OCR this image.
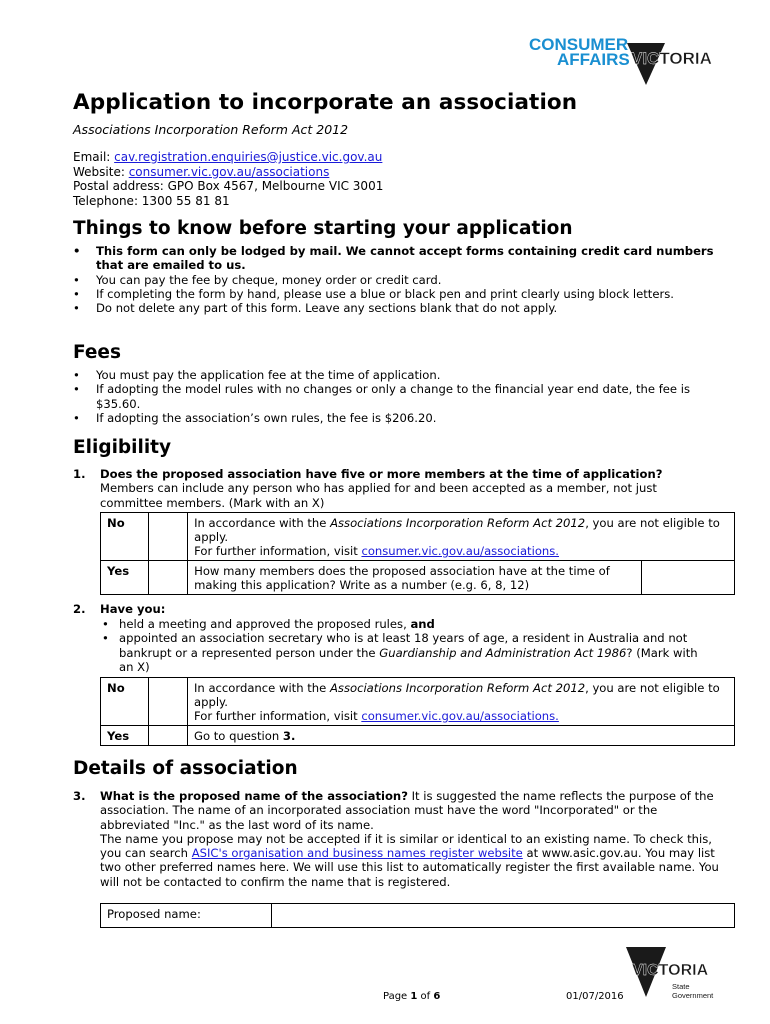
CONSUMER
AFFAIRS VICTORIA
Application to incorporate an association
Associations Incorporation Reform Act 2012
Email: cav.registration.enquiries@justice.vic.gov.au
Website: consumer.vic.gov.au/associations
Postal address: GPO Box 4567, Melbourne VIC 3001
Telephone: 1300 55 81 81
Things to know before starting your application
• This form can only be lodged by mail. We cannot accept forms containing credit card numbers that are emailed to us.
• You can pay the fee by cheque, money order or credit card.
• If completing the form by hand, please use a blue or black pen and print clearly using block letters.
• Do not delete any part of this form. Leave any sections blank that do not apply.
Fees
• You must pay the application fee at the time of application.
• If adopting the model rules with no changes or only a change to the financial year end date, the fee is $35.60.
• If adopting the association’s own rules, the fee is $206.20.
Eligibility
1. Does the proposed association have five or more members at the time of application? Members can include any person who has applied for and been accepted as a member, not just committee members. (Mark with an X)
No		In accordance with the Associations Incorporation Reform Act 2012, you are not eligible to apply.
For further information, visit consumer.vic.gov.au/associations.	
Yes		How many members does the proposed association have at the time of making this application? Write as a number (e.g. 6, 8, 12)	
2. Have you:
• held a meeting and approved the proposed rules, and
• appointed an association secretary who is at least 18 years of age, a resident in Australia and not bankrupt or a represented person under the Guardianship and Administration Act 1986? (Mark with an X)
No		In accordance with the Associations Incorporation Reform Act 2012, you are not eligible to apply.
For further information, visit consumer.vic.gov.au/associations.
Yes		Go to question 3.
Details of association
3. What is the proposed name of the association? It is suggested the name reflects the purpose of the association. The name of an incorporated association must have the word "Incorporated" or the abbreviated "Inc." as the last word of its name.
The name you propose may not be accepted if it is similar or identical to an existing name. To check this, you can search ASIC's organisation and business names register website at www.asic.gov.au. You may list two other preferred names here. We will use this list to automatically register the first available name. You will not be contacted to confirm the name that is registered.
Proposed name:	
VICTORIA
State
Government
Page 1 of 6	01/07/2016
